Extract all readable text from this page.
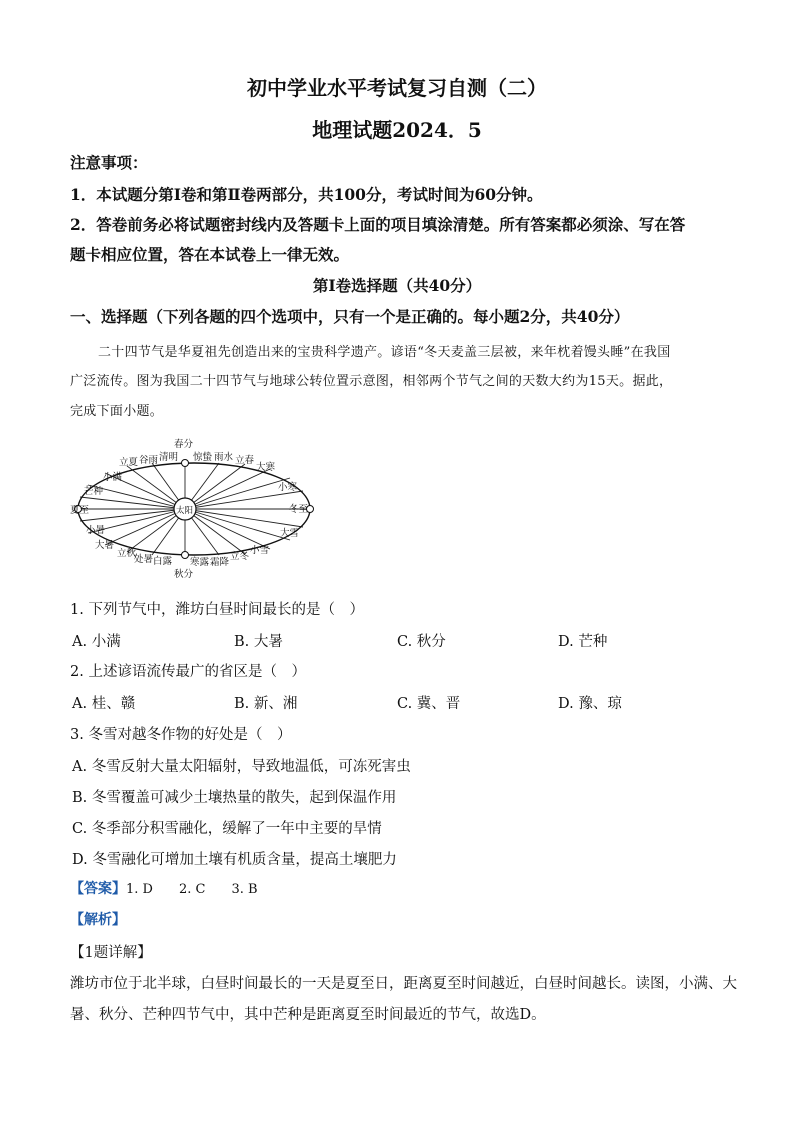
初中学业水平考试复习自测（二）
地理试题2024．5
注意事项：
1．本试题分第Ⅰ卷和第Ⅱ卷两部分，共100分，考试时间为60分钟。
2．答卷前务必将试题密封线内及答题卡上面的项目填涂清楚。所有答案都必须涂、写在答
题卡相应位置，答在本试卷上一律无效。
第Ⅰ卷选择题（共40分）
一、选择题（下列各题的四个选项中，只有一个是正确的。每小题2分，共40分）
二十四节气是华夏祖先创造出来的宝贵科学遗产。谚语“冬天麦盖三层被，来年枕着馒头睡”在我国
广泛流传。图为我国二十四节气与地球公转位置示意图，相邻两个节气之间的天数大约为15天。据此，
完成下面小题。
太阳
春分
惊蛰 雨水 立春
大寒
小寒
冬至
大雪
小雪
立冬
霜降
寒露
秋分
白露
处暑
立秋
大暑
小暑
夏至
芒种
小满
立夏 谷雨 清明
1. 下列节气中，潍坊白昼时间最长的是（　）
A. 小满	B. 大暑	C. 秋分	D. 芒种
2. 上述谚语流传最广的省区是（　）
A. 桂、赣	B. 新、湘	C. 冀、晋	D. 豫、琼
3. 冬雪对越冬作物的好处是（　）
A. 冬雪反射大量太阳辐射，导致地温低，可冻死害虫
B. 冬雪覆盖可减少土壤热量的散失，起到保温作用
C. 冬季部分积雪融化，缓解了一年中主要的旱情
D. 冬雪融化可增加土壤有机质含量，提高土壤肥力
【答案】1. D　　2. C　　3. B
【解析】
【1题详解】
潍坊市位于北半球，白昼时间最长的一天是夏至日，距离夏至时间越近，白昼时间越长。读图，小满、大
暑、秋分、芒种四节气中，其中芒种是距离夏至时间最近的节气，故选D。
